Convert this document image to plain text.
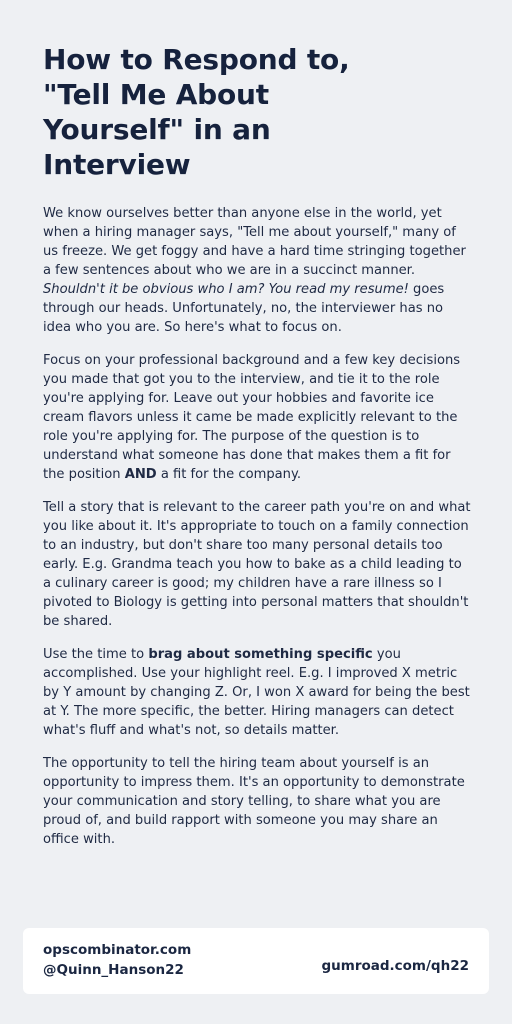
How to Respond to, "Tell Me About Yourself" in an Interview

We know ourselves better than anyone else in the world, yet when a hiring manager says, "Tell me about yourself," many of us freeze. We get foggy and have a hard time stringing together a few sentences about who we are in a succinct manner. Shouldn't it be obvious who I am? You read my resume! goes through our heads. Unfortunately, no, the interviewer has no idea who you are. So here's what to focus on.

Focus on your professional background and a few key decisions you made that got you to the interview, and tie it to the role you're applying for. Leave out your hobbies and favorite ice cream flavors unless it came be made explicitly relevant to the role you're applying for. The purpose of the question is to understand what someone has done that makes them a fit for the position AND a fit for the company.

Tell a story that is relevant to the career path you're on and what you like about it. It's appropriate to touch on a family connection to an industry, but don't share too many personal details too early. E.g. Grandma teach you how to bake as a child leading to a culinary career is good; my children have a rare illness so I pivoted to Biology is getting into personal matters that shouldn't be shared.

Use the time to brag about something specific you accomplished. Use your highlight reel. E.g. I improved X metric by Y amount by changing Z. Or, I won X award for being the best at Y. The more specific, the better. Hiring managers can detect what's fluff and what's not, so details matter.

The opportunity to tell the hiring team about yourself is an opportunity to impress them. It's an opportunity to demonstrate your communication and story telling, to share what you are proud of, and build rapport with someone you may share an office with.

opscombinator.com
@Quinn_Hanson22	gumroad.com/qh22
